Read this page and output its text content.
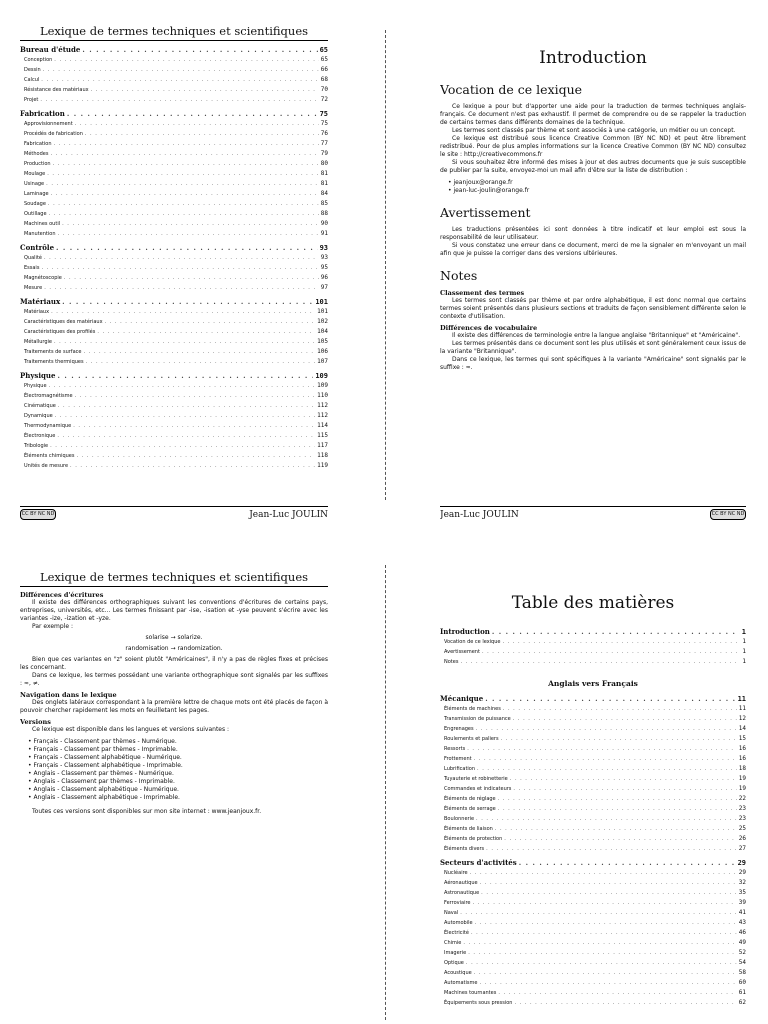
Lexique de termes techniques et scientifiques
Bureau d'étude . . .	65
Conception . . .	65
Dessin . . .	66
Calcul . . .	68
Résistance des matériaux . . .	70
Projet . . .	72
Fabrication . . .	75
Approvisionnement . . .	75
Procédés de fabrication . . .	76
Fabrication . . .	77
Méthodes . . .	79
Production . . .	80
Moulage . . .	81
Usinage . . .	81
Laminage . . .	84
Soudage . . .	85
Outillage . . .	88
Machines outil . . .	90
Manutention . . .	91
Contrôle . . .	93
Qualité . . .	93
Essais . . .	95
Magnétoscopie . . .	96
Mesure . . .	97
Matériaux . . .	101
Matériaux . . .	101
Caractéristiques des matériaux . . .	102
Caractéristiques des profilés . . .	104
Métallurgie . . .	105
Traitements de surface . . .	106
Traitements thermiques . . .	107
Physique . . .	109
Physique . . .	109
Électromagnétisme . . .	110
Cinématique . . .	112
Dynamique . . .	112
Thermodynamique . . .	114
Électronique . . .	115
Tribologie . . .	117
Éléments chimiques . . .	118
Unités de mesure . . .	119
CC BY NC ND	Jean-Luc JOULIN
Introduction
Vocation de ce lexique

Ce lexique a pour but d'apporter une aide pour la traduction de termes techniques anglais-français. Ce document n'est pas exhaustif. Il permet de comprendre ou de se rappeler la traduction de certains termes dans différents domaines de la technique.

Les termes sont classés par thème et sont associés à une catégorie, un métier ou un concept.

Ce lexique est distribué sous licence Creative Common (BY NC ND) et peut être librement redistribué. Pour de plus amples informations sur la licence Creative Common (BY NC ND) consultez le site : http://creativecommons.fr

Si vous souhaitez être informé des mises à jour et des autres documents que je suis susceptible de publier par la suite, envoyez-moi un mail afin d'être sur la liste de distribution :

• jeanjoux@orange.fr
• jean-luc-joulin@orange.fr
Avertissement

Les traductions présentées ici sont données à titre indicatif et leur emploi est sous la responsabilité de leur utilisateur.

Si vous constatez une erreur dans ce document, merci de me la signaler en m'envoyant un mail afin que je puisse la corriger dans des versions ultérieures.

Notes
Classement des termes

Les termes sont classés par thème et par ordre alphabétique, il est donc normal que certains termes soient présentés dans plusieurs sections et traduits de façon sensiblement différente selon le contexte d'utilisation.

Différences de vocabulaire

Il existe des différences de terminologie entre la langue anglaise "Britannique" et "Américaine".

Les termes présentés dans ce document sont les plus utilisés et sont généralement ceux issus de la variante "Britannique".

Dans ce lexique, les termes qui sont spécifiques à la variante "Américaine" sont signalés par le suffixe : ≈.

Jean-Luc JOULIN	CC BY NC ND
Lexique de termes techniques et scientifiques
Différences d'écritures

Il existe des différences orthographiques suivant les conventions d'écritures de certains pays, entreprises, universités, etc... Les termes finissant par -ise, -isation et -yse peuvent s'écrire avec les variantes -ize, -ization et -yze.

Par exemple :

solarise → solarize.

randomisation → randomization.

Bien que ces variantes en "z" soient plutôt "Américaines", il n'y a pas de règles fixes et précises les concernant.

Dans ce lexique, les termes possédant une variante orthographique sont signalés par les suffixes : ≈, ≠.

Navigation dans le lexique

Des onglets latéraux correspondant à la première lettre de chaque mots ont été placés de façon à pouvoir chercher rapidement les mots en feuilletant les pages.

Versions

Ce lexique est disponible dans les langues et versions suivantes :

• Français - Classement par thèmes - Numérique.
• Français - Classement par thèmes - Imprimable.
• Français - Classement alphabétique - Numérique.
• Français - Classement alphabétique - Imprimable.
• Anglais - Classement par thèmes - Numérique.
• Anglais - Classement par thèmes - Imprimable.
• Anglais - Classement alphabétique - Numérique.
• Anglais - Classement alphabétique - Imprimable.

Toutes ces versions sont disponibles sur mon site internet : www.jeanjoux.fr.

Table des matières
Introduction . . .	1
Vocation de ce lexique . . .	1
Avertissement . . .	1
Notes . . .	1
Anglais vers Français
Mécanique . . .	11
Éléments de machines . . .	11
Transmission de puissance . . .	12
Engrenages . . .	14
Roulements et paliers . . .	15
Ressorts . . .	16
Frottement . . .	16
Lubrification . . .	18
Tuyauterie et robinetterie . . .	19
Commandes et indicateurs . . .	19
Éléments de réglage . . .	22
Éléments de serrage . . .	23
Boulonnerie . . .	23
Éléments de liaison . . .	25
Éléments de protection . . .	26
Éléments divers . . .	27
Secteurs d'activités . . .	29
Nucléaire . . .	29
Aéronautique . . .	32
Astronautique . . .	35
Ferroviaire . . .	39
Naval . . .	41
Automobile . . .	43
Électricité . . .	46
Chimie . . .	49
Imagerie . . .	52
Optique . . .	54
Acoustique . . .	58
Automatisme . . .	60
Machines tournantes . . .	61
Équipements sous pression . . .	62
